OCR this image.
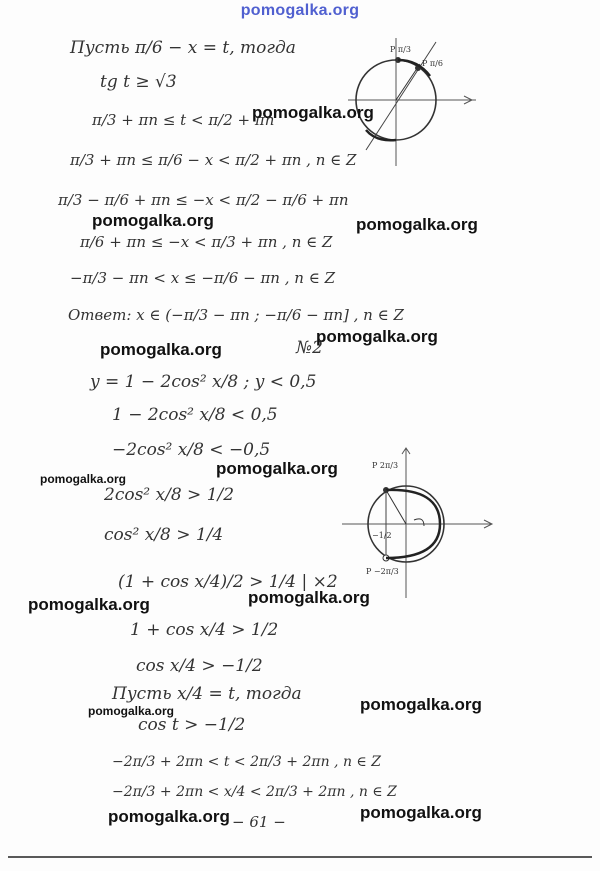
pomogalka.org
Пусть π/6 − x = t, тогда
tg t ≥ √3
π/3 + πn ≤ t < π/2 + πn
π/3 + πn ≤ π/6 − x < π/2 + πn , n ∈ Z
π/3 − π/6 + πn ≤ −x < π/2 − π/6 + πn
π/6 + πn ≤ −x < π/3 + πn , n ∈ Z
−π/3 − πn < x ≤ −π/6 − πn , n ∈ Z
Ответ: x ∈ (−π/3 − πn ; −π/6 − πn] , n ∈ Z
№2
y = 1 − 2cos² x/8 ; y < 0,5
1 − 2cos² x/8 < 0,5
−2cos² x/8 < −0,5
2cos² x/8 > 1/2
cos² x/8 > 1/4
(1 + cos x/4)/2 > 1/4 | ×2
1 + cos x/4 > 1/2
cos x/4 > −1/2
Пусть x/4 = t, тогда
cos t > −1/2
−2π/3 + 2πn < t < 2π/3 + 2πn , n ∈ Z
−2π/3 + 2πn < x/4 < 2π/3 + 2πn , n ∈ Z
− 61 −
P π/3
P π/6
P 2π/3
P −2π/3
−1/2
pomogalka.org
pomogalka.org	pomogalka.org
pomogalka.org
pomogalka.org
pomogalka.org
pomogalka.org
pomogalka.org	pomogalka.org
pomogalka.org
pomogalka.org
pomogalka.org	pomogalka.org
